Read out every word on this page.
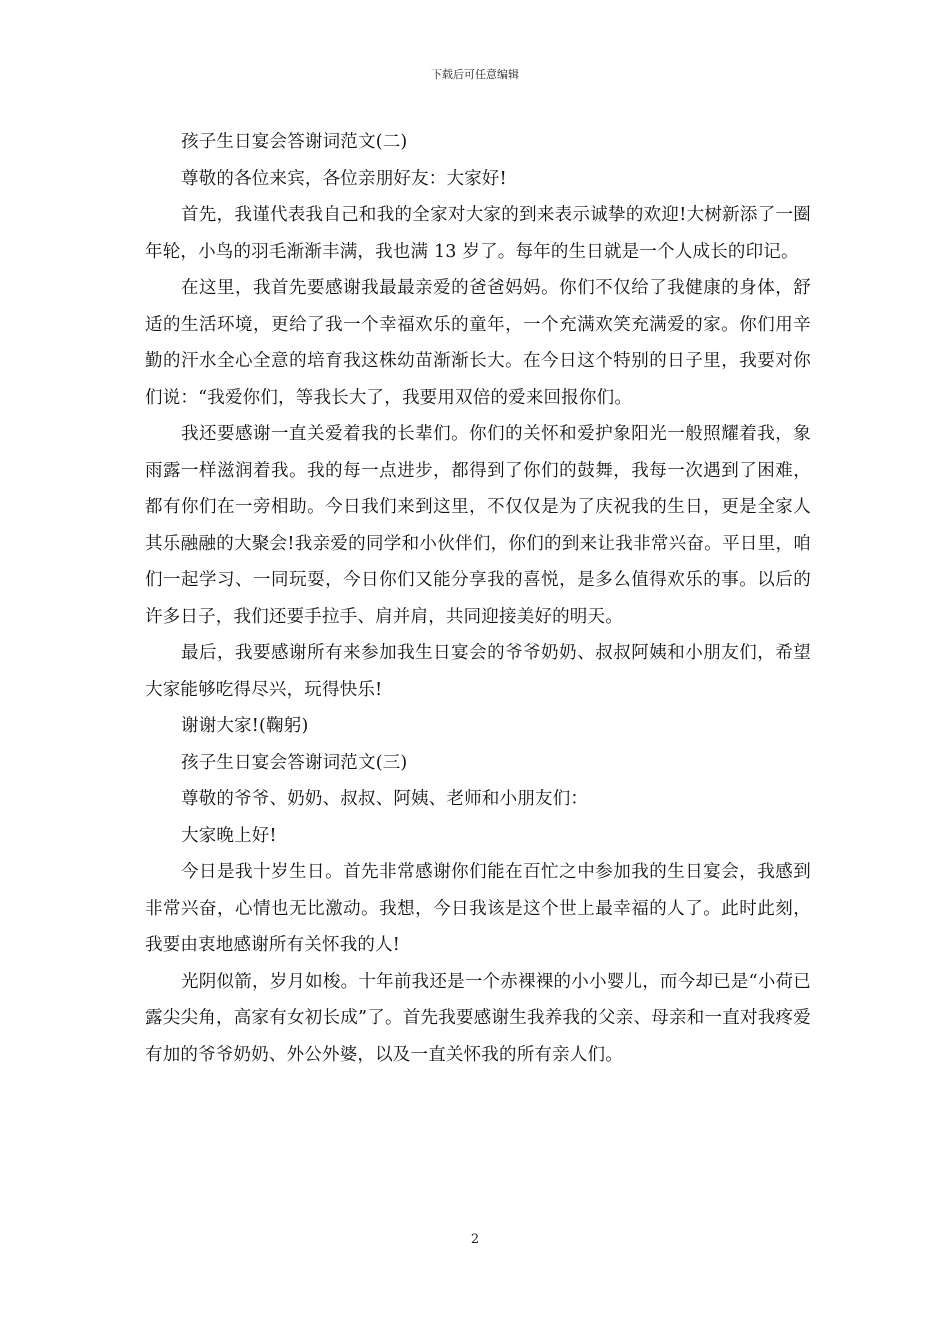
下载后可任意编辑

孩子生日宴会答谢词范文(二)

尊敬的各位来宾，各位亲朋好友：大家好!

首先，我谨代表我自己和我的全家对大家的到来表示诚挚的欢迎!大树新添了一圈年轮，小鸟的羽毛渐渐丰满，我也满 13 岁了。每年的生日就是一个人成长的印记。

在这里，我首先要感谢我最最亲爱的爸爸妈妈。你们不仅给了我健康的身体，舒适的生活环境，更给了我一个幸福欢乐的童年，一个充满欢笑充满爱的家。你们用辛勤的汗水全心全意的培育我这株幼苗渐渐长大。在今日这个特别的日子里，我要对你们说：“我爱你们，等我长大了，我要用双倍的爱来回报你们。

我还要感谢一直关爱着我的长辈们。你们的关怀和爱护象阳光一般照耀着我，象雨露一样滋润着我。我的每一点进步，都得到了你们的鼓舞，我每一次遇到了困难，都有你们在一旁相助。今日我们来到这里，不仅仅是为了庆祝我的生日，更是全家人其乐融融的大聚会!我亲爱的同学和小伙伴们，你们的到来让我非常兴奋。平日里，咱们一起学习、一同玩耍，今日你们又能分享我的喜悦，是多么值得欢乐的事。以后的许多日子，我们还要手拉手、肩并肩，共同迎接美好的明天。

最后，我要感谢所有来参加我生日宴会的爷爷奶奶、叔叔阿姨和小朋友们，希望大家能够吃得尽兴，玩得快乐!

谢谢大家!(鞠躬)

孩子生日宴会答谢词范文(三)

尊敬的爷爷、奶奶、叔叔、阿姨、老师和小朋友们：

大家晚上好!

今日是我十岁生日。首先非常感谢你们能在百忙之中参加我的生日宴会，我感到非常兴奋，心情也无比激动。我想，今日我该是这个世上最幸福的人了。此时此刻，我要由衷地感谢所有关怀我的人!

光阴似箭，岁月如梭。十年前我还是一个赤裸裸的小小婴儿，而今却已是“小荷已露尖尖角，高家有女初长成”了。首先我要感谢生我养我的父亲、母亲和一直对我疼爱有加的爷爷奶奶、外公外婆，以及一直关怀我的所有亲人们。

2
